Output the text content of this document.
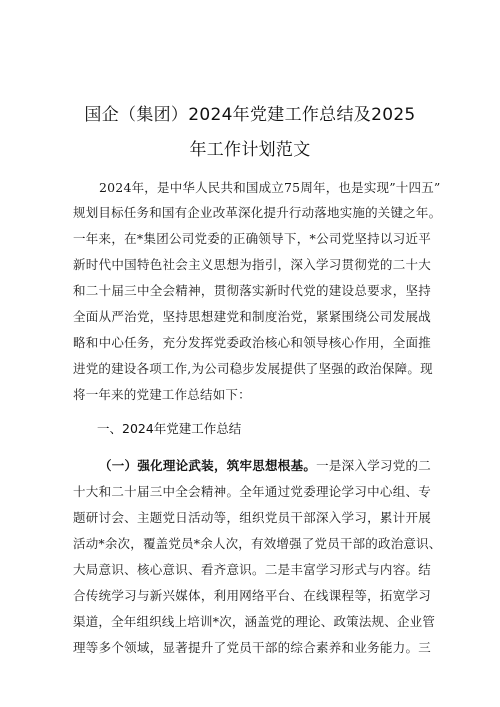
国企（集团）2024年党建工作总结及2025
年工作计划范文
2024年，是中华人民共和国成立75周年，也是实现”十四五”
规划目标任务和国有企业改革深化提升行动落地实施的关键之年。
一年来，在*集团公司党委的正确领导下，*公司党坚持以习近平
新时代中国特色社会主义思想为指引，深入学习贯彻党的二十大
和二十届三中全会精神，贯彻落实新时代党的建设总要求，坚持
全面从严治党，坚持思想建党和制度治党，紧紧围绕公司发展战
略和中心任务，充分发挥党委政治核心和领导核心作用，全面推
进党的建设各项工作,为公司稳步发展提供了坚强的政治保障。现
将一年来的党建工作总结如下：
一、2024年党建工作总结
（一）强化理论武装，筑牢思想根基。一是深入学习党的二
十大和二十届三中全会精神。全年通过党委理论学习中心组、专
题研讨会、主题党日活动等，组织党员干部深入学习，累计开展
活动*余次，覆盖党员*余人次，有效增强了党员干部的政治意识、
大局意识、核心意识、看齐意识。二是丰富学习形式与内容。结
合传统学习与新兴媒体，利用网络平台、在线课程等，拓宽学习
渠道，全年组织线上培训*次，涵盖党的理论、政策法规、企业管
理等多个领域，显著提升了党员干部的综合素养和业务能力。三
